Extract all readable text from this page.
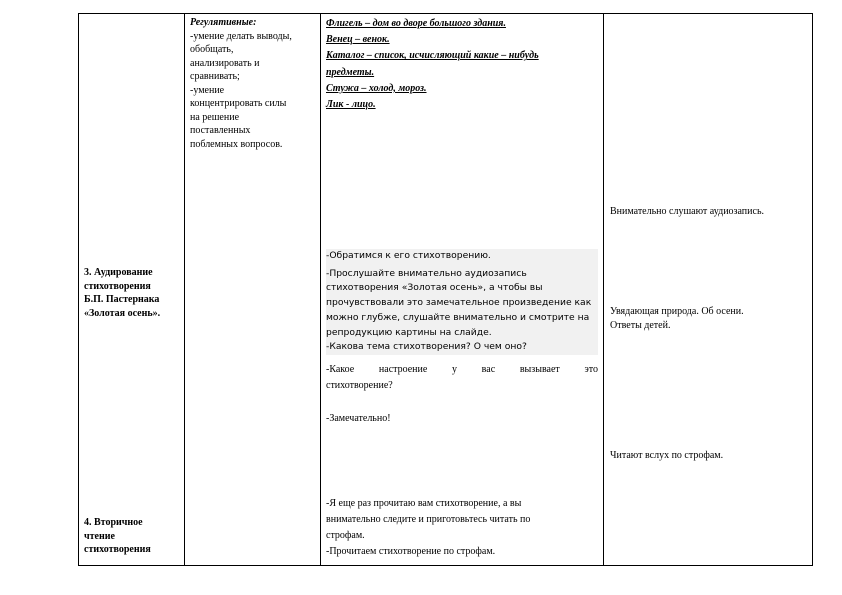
3. Аудирование
стихотворения
Б.П. Пастернака
«Золотая осень».
4. Вторичное
чтение
стихотворения

Регулятивные:
-умение делать выводы,
обобщать,
анализировать и
сравнивать;
-умение
концентрировать силы
на решение
поставленных
поблемных вопросов.

Флигель – дом во дворе большого здания.
Венец – венок.
Каталог – список, исчисляющий какие – нибудь
предметы.
Стужа – холод, мороз.
Лик - лицо.
-Обратимся к его стихотворению.
-Прослушайте внимательно аудиозапись
стихотворения «Золотая осень», а чтобы вы
прочувствовали это замечательное произведение как
можно глубже, слушайте внимательно и смотрите на
репродукцию картины на слайде.
-Какова тема стихотворения? О чем оно?
-Какое настроение у вас вызывает это
стихотворение?
-Замечательно!
-Я еще раз прочитаю вам стихотворение, а вы
внимательно следите и приготовьтесь читать по
строфам.
-Прочитаем стихотворение по строфам.

Внимательно слушают аудиозапись.
Увядающая природа. Об осени.
Ответы детей.
Читают вслух по строфам.
